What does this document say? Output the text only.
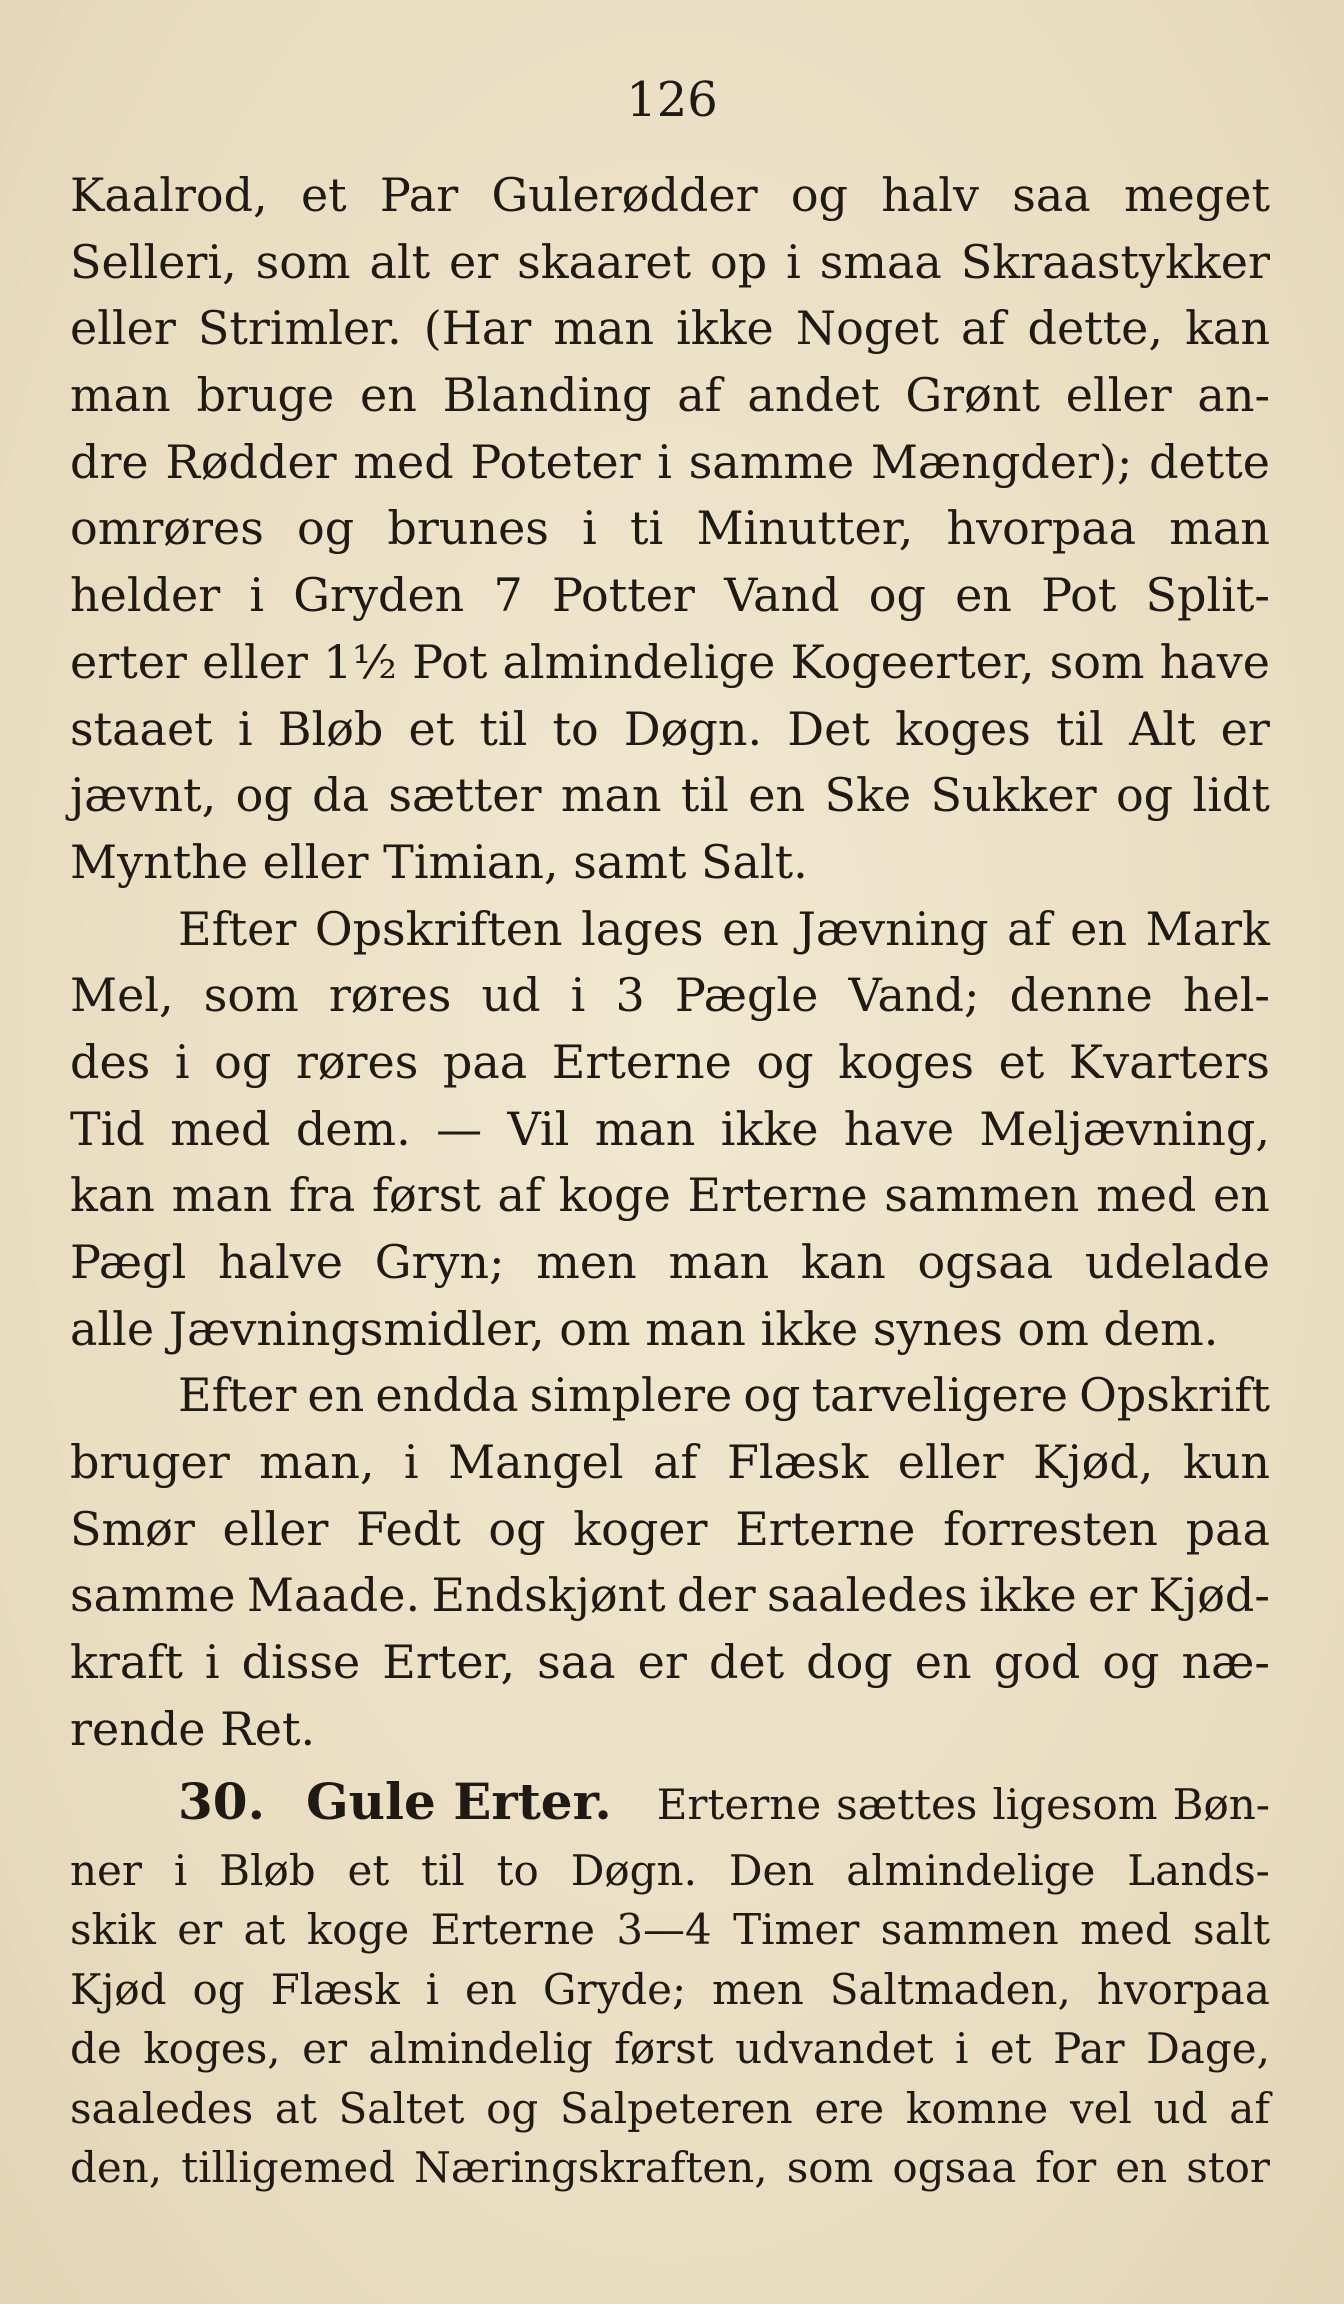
126
Kaalrod, et Par Gulerødder og halv saa meget
Selleri, som alt er skaaret op i smaa Skraastykker
eller Strimler. (Har man ikke Noget af dette, kan
man bruge en Blanding af andet Grønt eller an-
dre Rødder med Poteter i samme Mængder); dette
omrøres og brunes i ti Minutter, hvorpaa man
helder i Gryden 7 Potter Vand og en Pot Split-
erter eller 1½ Pot almindelige Kogeerter, som have
staaet i Bløb et til to Døgn. Det koges til Alt er
jævnt, og da sætter man til en Ske Sukker og lidt
Mynthe eller Timian, samt Salt.
Efter Opskriften lages en Jævning af en Mark
Mel, som røres ud i 3 Pægle Vand; denne hel-
des i og røres paa Erterne og koges et Kvarters
Tid med dem. — Vil man ikke have Meljævning,
kan man fra først af koge Erterne sammen med en
Pægl halve Gryn; men man kan ogsaa udelade
alle Jævningsmidler, om man ikke synes om dem.
Efter en endda simplere og tarveligere Opskrift
bruger man, i Mangel af Flæsk eller Kjød, kun
Smør eller Fedt og koger Erterne forresten paa
samme Maade. Endskjønt der saaledes ikke er Kjød-
kraft i disse Erter, saa er det dog en god og næ-
rende Ret.
30. Gule Erter. Erterne sættes ligesom Bøn-
ner i Bløb et til to Døgn. Den almindelige Lands-
skik er at koge Erterne 3—4 Timer sammen med salt
Kjød og Flæsk i en Gryde; men Saltmaden, hvorpaa
de koges, er almindelig først udvandet i et Par Dage,
saaledes at Saltet og Salpeteren ere komne vel ud af
den, tilligemed Næringskraften, som ogsaa for en stor
